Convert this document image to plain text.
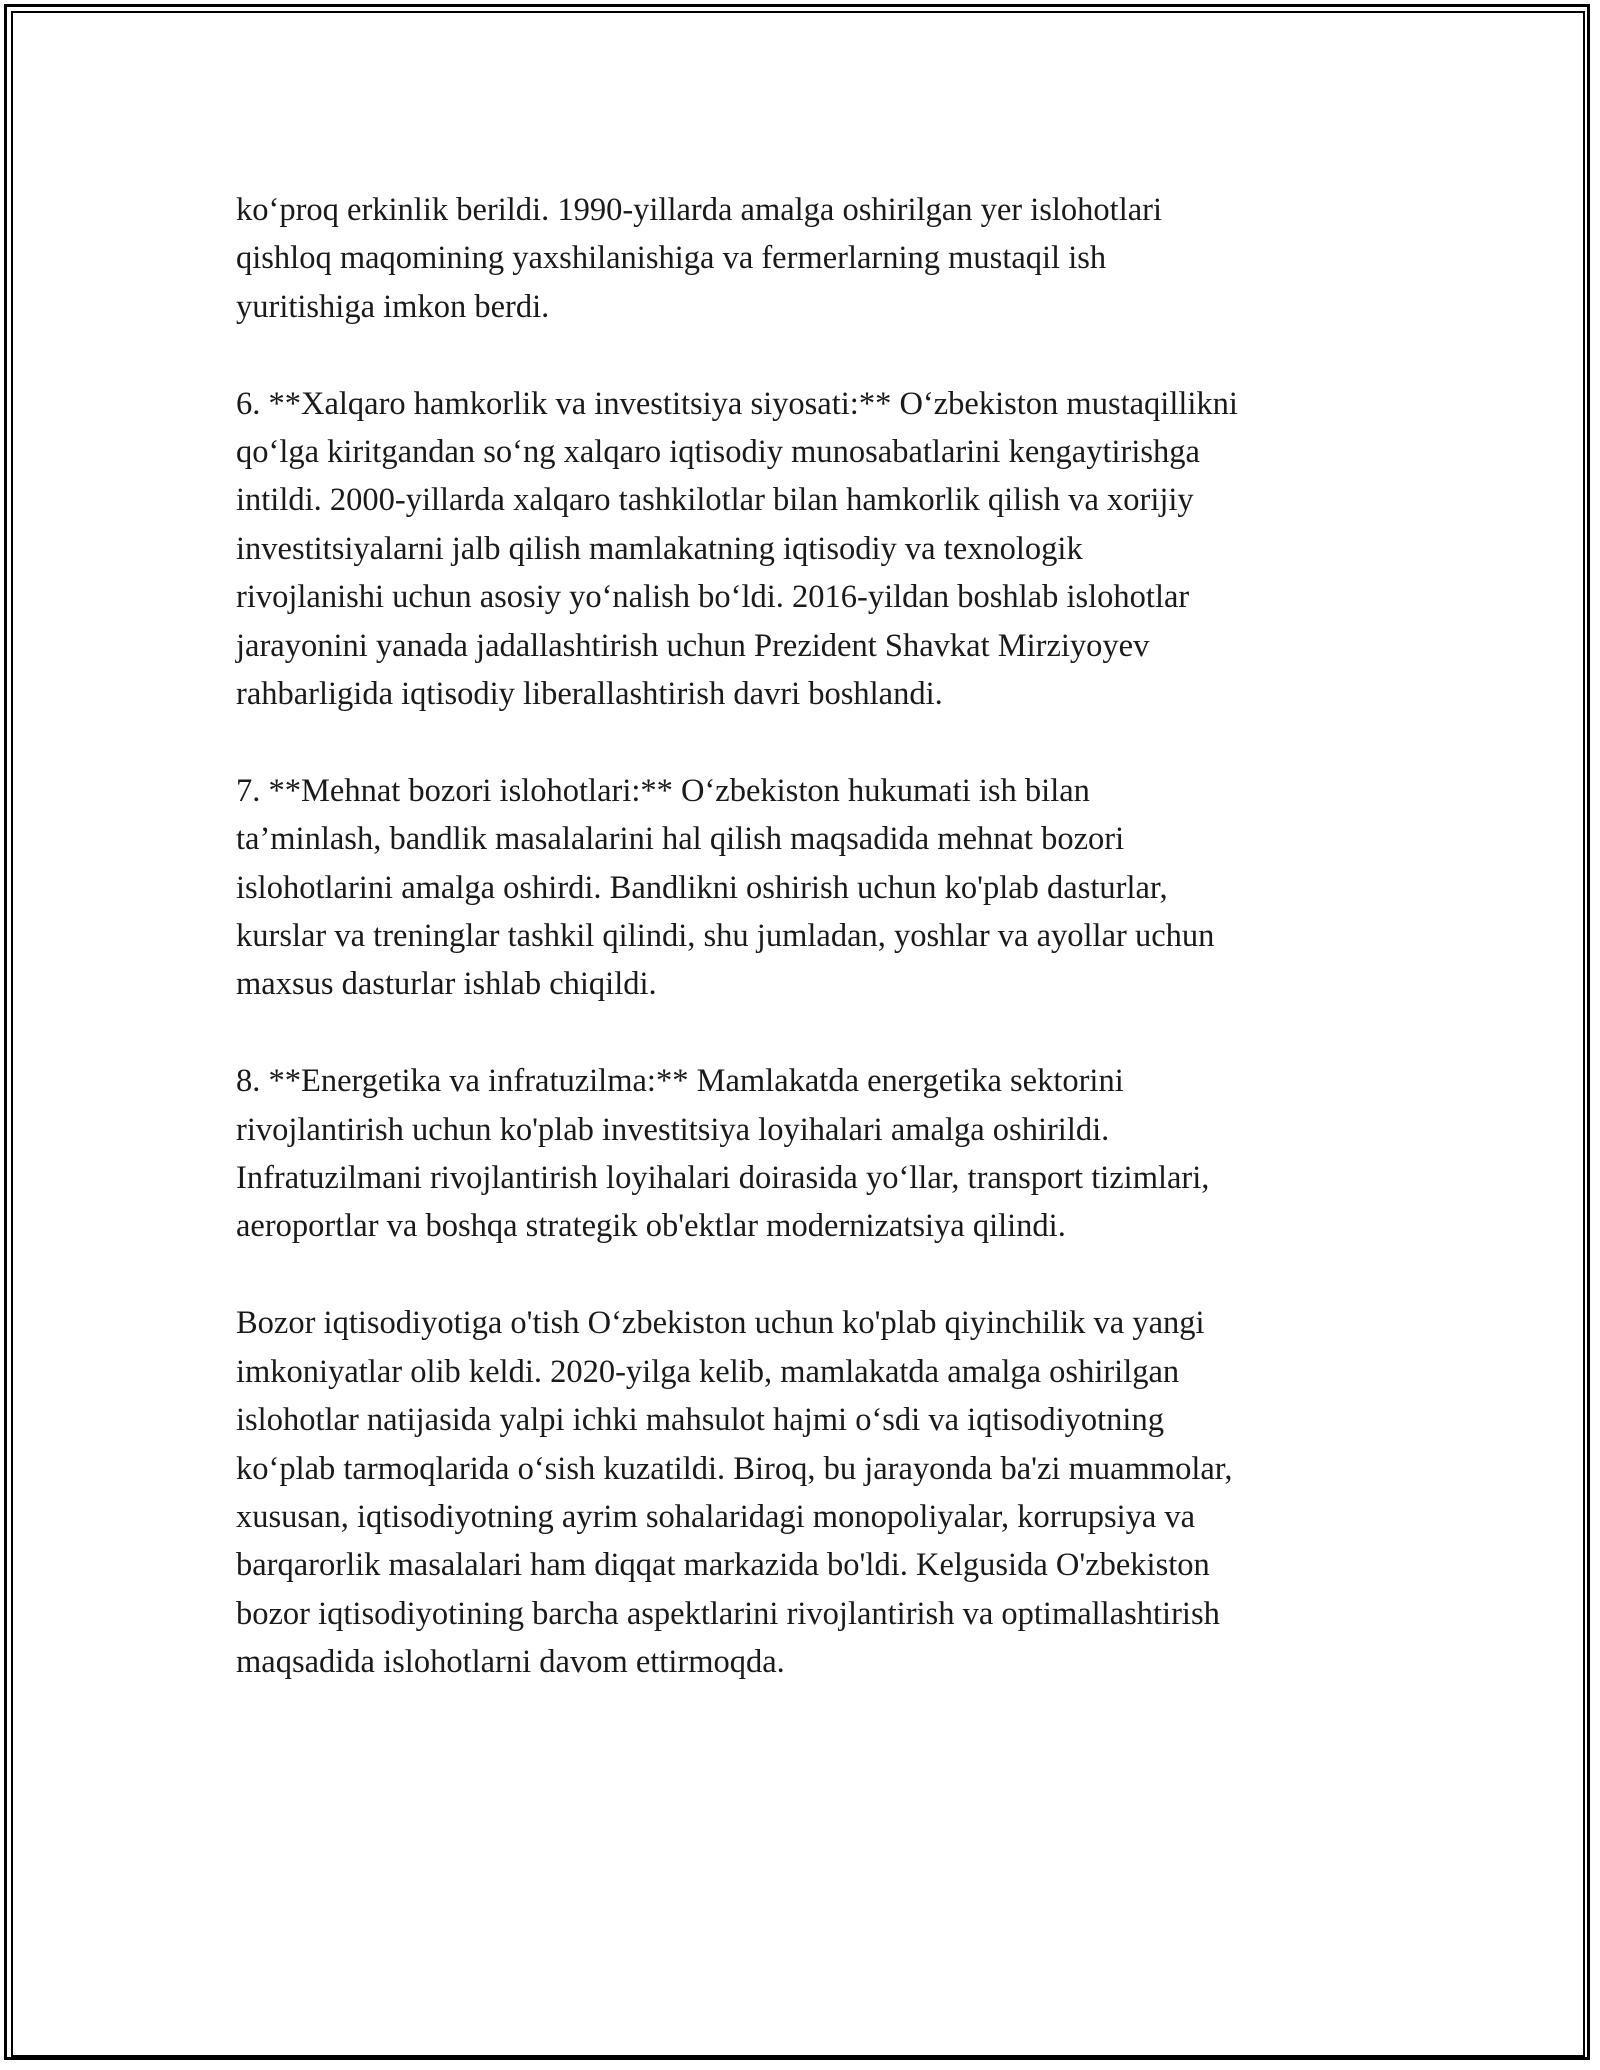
ko‘proq erkinlik berildi. 1990-yillarda amalga oshirilgan yer islohotlari
qishloq maqomining yaxshilanishiga va fermerlarning mustaqil ish
yuritishiga imkon berdi.

6. **Xalqaro hamkorlik va investitsiya siyosati:** O‘zbekiston mustaqillikni
qo‘lga kiritgandan so‘ng xalqaro iqtisodiy munosabatlarini kengaytirishga
intildi. 2000-yillarda xalqaro tashkilotlar bilan hamkorlik qilish va xorijiy
investitsiyalarni jalb qilish mamlakatning iqtisodiy va texnologik
rivojlanishi uchun asosiy yo‘nalish bo‘ldi. 2016-yildan boshlab islohotlar
jarayonini yanada jadallashtirish uchun Prezident Shavkat Mirziyoyev
rahbarligida iqtisodiy liberallashtirish davri boshlandi.

7. **Mehnat bozori islohotlari:** O‘zbekiston hukumati ish bilan
ta’minlash, bandlik masalalarini hal qilish maqsadida mehnat bozori
islohotlarini amalga oshirdi. Bandlikni oshirish uchun ko'plab dasturlar,
kurslar va treninglar tashkil qilindi, shu jumladan, yoshlar va ayollar uchun
maxsus dasturlar ishlab chiqildi.

8. **Energetika va infratuzilma:** Mamlakatda energetika sektorini
rivojlantirish uchun ko'plab investitsiya loyihalari amalga oshirildi.
Infratuzilmani rivojlantirish loyihalari doirasida yo‘llar, transport tizimlari,
aeroportlar va boshqa strategik ob'ektlar modernizatsiya qilindi.

Bozor iqtisodiyotiga o'tish O‘zbekiston uchun ko'plab qiyinchilik va yangi
imkoniyatlar olib keldi. 2020-yilga kelib, mamlakatda amalga oshirilgan
islohotlar natijasida yalpi ichki mahsulot hajmi o‘sdi va iqtisodiyotning
ko‘plab tarmoqlarida o‘sish kuzatildi. Biroq, bu jarayonda ba'zi muammolar,
xususan, iqtisodiyotning ayrim sohalaridagi monopoliyalar, korrupsiya va
barqarorlik masalalari ham diqqat markazida bo'ldi. Kelgusida O'zbekiston
bozor iqtisodiyotining barcha aspektlarini rivojlantirish va optimallashtirish
maqsadida islohotlarni davom ettirmoqda.
